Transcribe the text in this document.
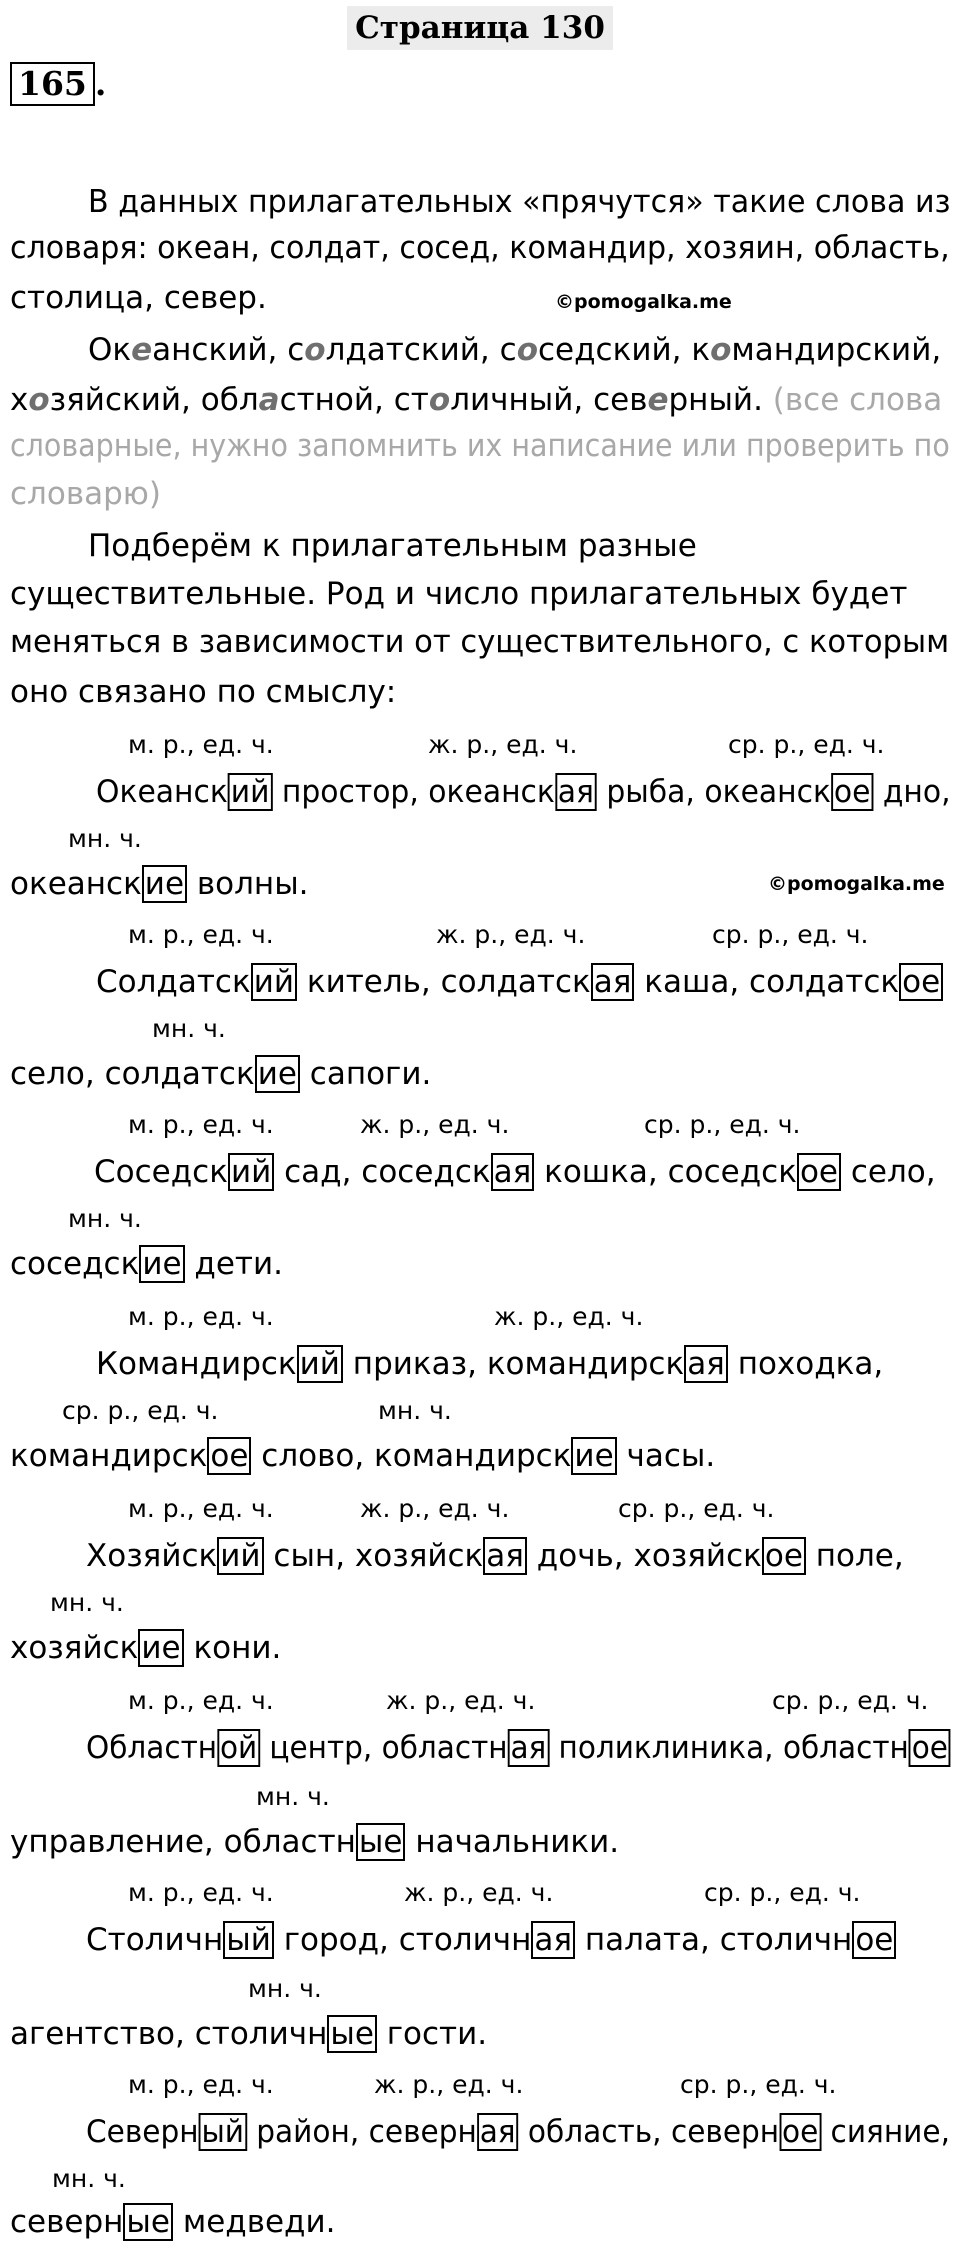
Страница 130
165 .
В данных прилагательных «прячутся» такие слова из
словаря: океан, солдат, сосед, командир, хозяин, область,
столица, север.	©pomogalka.me
Океанский, солдатский, соседский, командирский,
хозяйский, областной, столичный, северный. (все слова
словарные, нужно запомнить их написание или проверить по
словарю)
Подберём к прилагательным разные
существительные. Род и число прилагательных будет
меняться в зависимости от существительного, с которым
оно связано по смыслу:
м. р., ед. ч.	ж. р., ед. ч.	ср. р., ед. ч.
Океанский простор, океанская рыба, океанское дно,
мн. ч.
океанские волны.	©pomogalka.me
м. р., ед. ч.	ж. р., ед. ч.	ср. р., ед. ч.
Солдатский китель, солдатская каша, солдатское
мн. ч.
село, солдатские сапоги.
м. р., ед. ч.	ж. р., ед. ч.	ср. р., ед. ч.
Соседский сад, соседская кошка, соседское село,
мн. ч.
соседские дети.
м. р., ед. ч.	ж. р., ед. ч.
Командирский приказ, командирская походка,
ср. р., ед. ч.	мн. ч.
командирское слово, командирские часы.
м. р., ед. ч.	ж. р., ед. ч.	ср. р., ед. ч.
Хозяйский сын, хозяйская дочь, хозяйское поле,
мн. ч.
хозяйские кони.
м. р., ед. ч.	ж. р., ед. ч.	ср. р., ед. ч.
Областной центр, областная поликлиника, областное
мн. ч.
управление, областные начальники.
м. р., ед. ч.	ж. р., ед. ч.	ср. р., ед. ч.
Столичный город, столичная палата, столичное
мн. ч.
агентство, столичные гости.
м. р., ед. ч.	ж. р., ед. ч.	ср. р., ед. ч.
Северный район, северная область, северное сияние,
мн. ч.
северные медведи.
